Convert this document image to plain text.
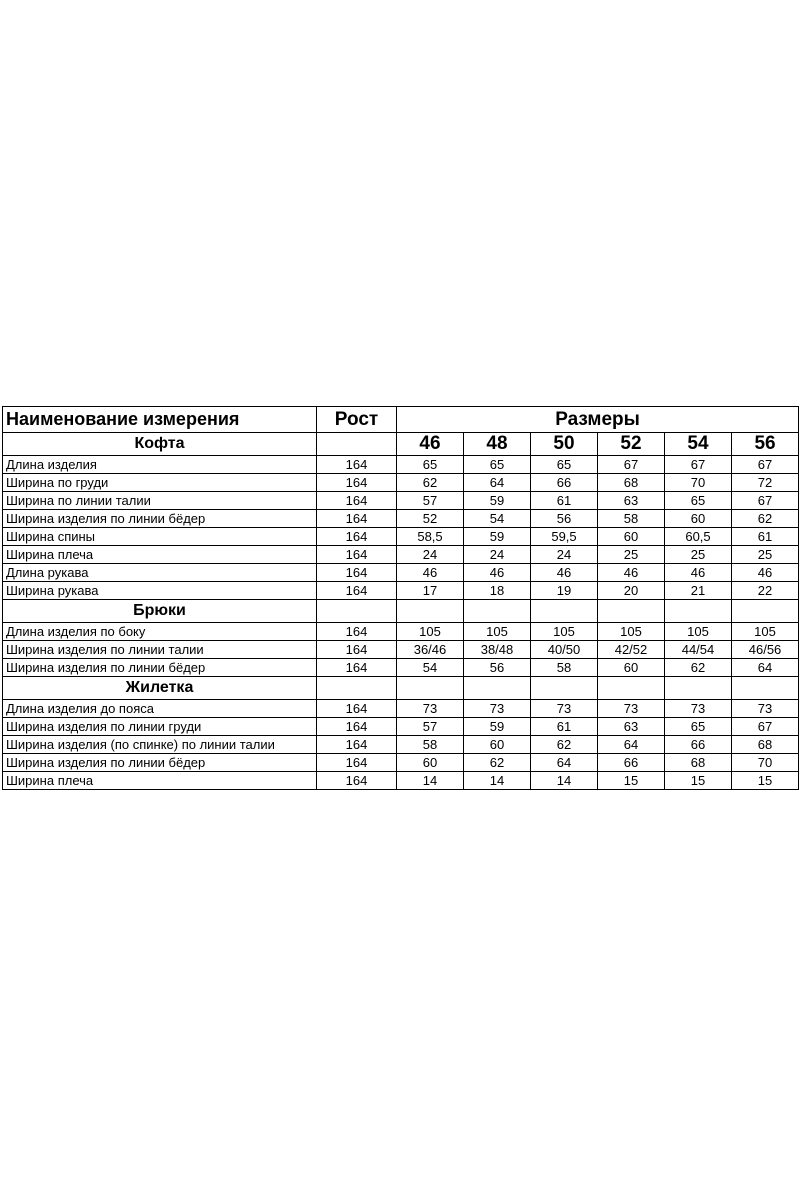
Наименование измерения	Рост	Размеры					
Кофта		46	48	50	52	54	56
Длина изделия	164	65	65	65	67	67	67
Ширина по груди	164	62	64	66	68	70	72
Ширина по линии талии	164	57	59	61	63	65	67
Ширина изделия по линии бёдер	164	52	54	56	58	60	62
Ширина спины	164	58,5	59	59,5	60	60,5	61
Ширина плеча	164	24	24	24	25	25	25
Длина рукава	164	46	46	46	46	46	46
Ширина рукава	164	17	18	19	20	21	22
Брюки							
Длина изделия по боку	164	105	105	105	105	105	105
Ширина изделия по линии талии	164	36/46	38/48	40/50	42/52	44/54	46/56
Ширина изделия по линии бёдер	164	54	56	58	60	62	64
Жилетка							
Длина изделия до пояса	164	73	73	73	73	73	73
Ширина изделия по линии груди	164	57	59	61	63	65	67
Ширина изделия (по спинке) по линии талии	164	58	60	62	64	66	68
Ширина изделия по линии бёдер	164	60	62	64	66	68	70
Ширина плеча	164	14	14	14	15	15	15
